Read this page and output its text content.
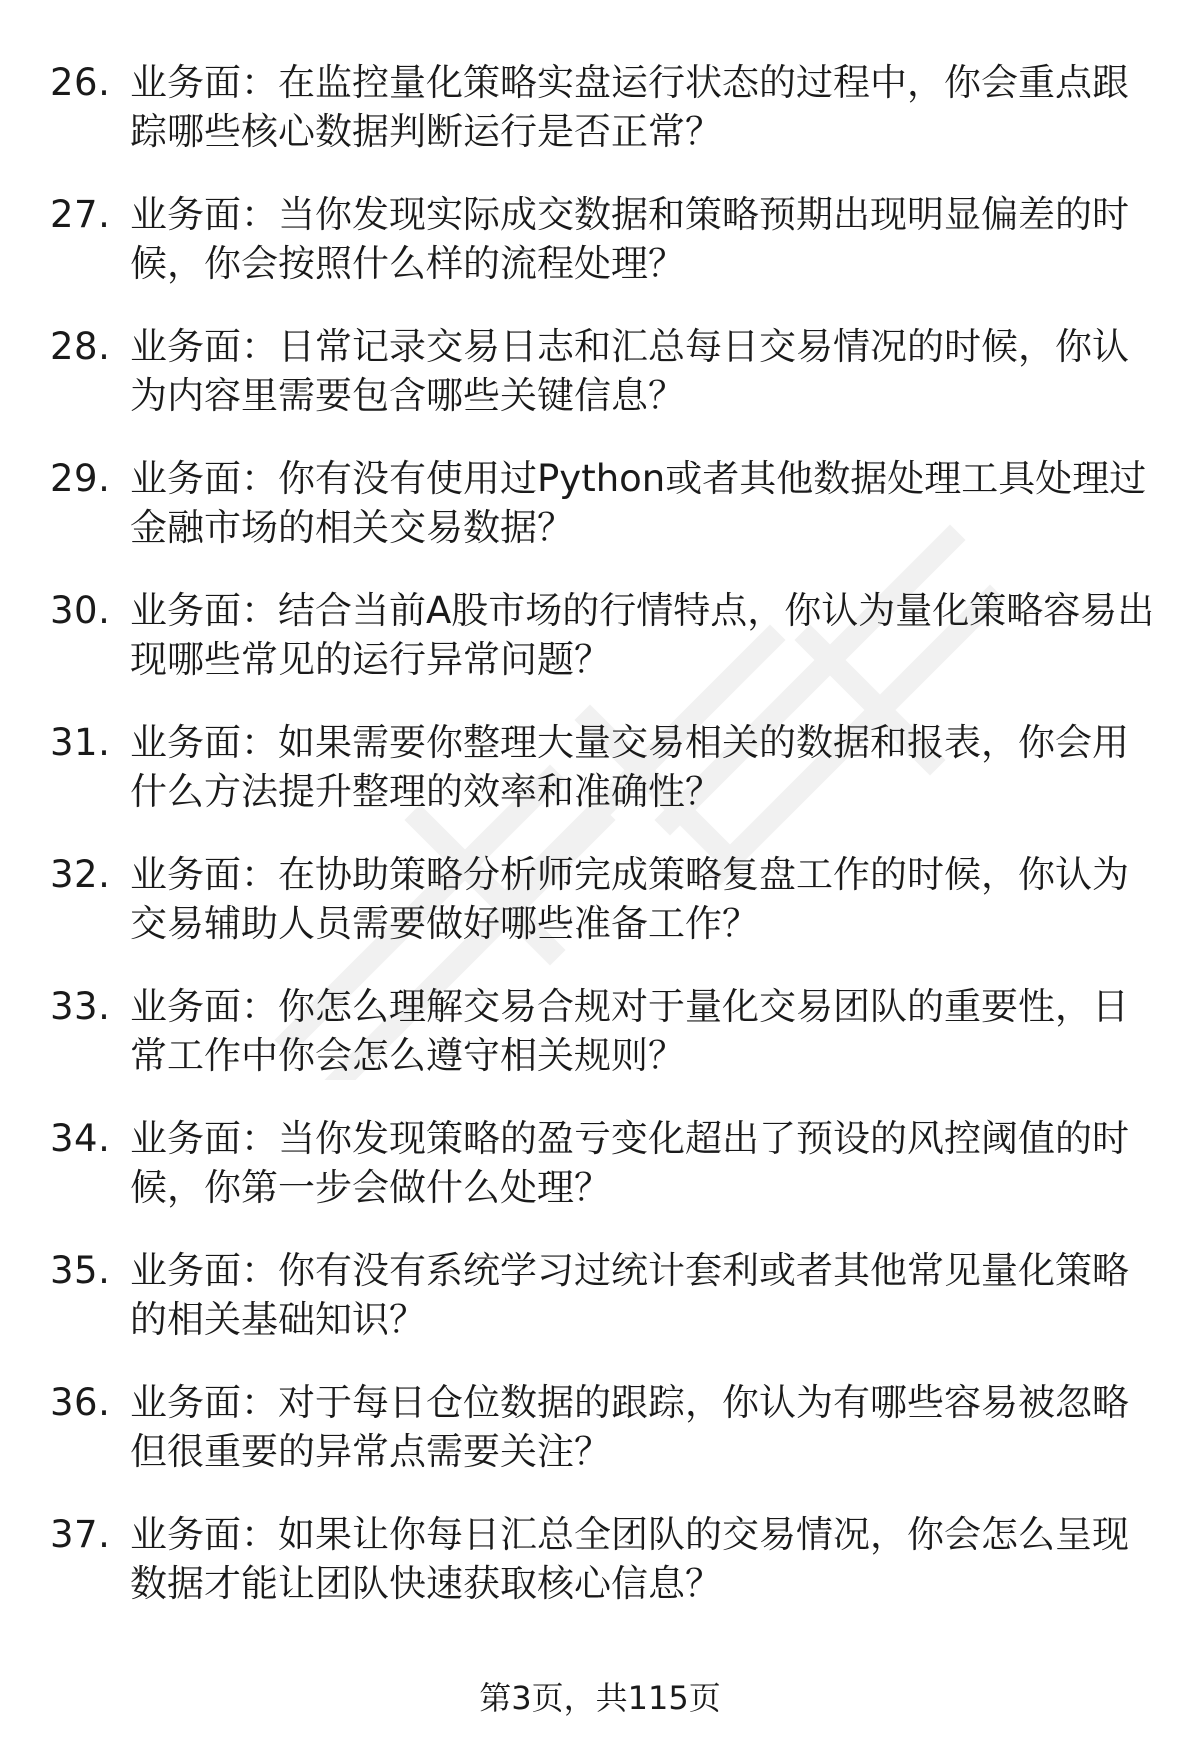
26. 业务面：在监控量化策略实盘运行状态的过程中，你会重点跟踪哪些核心数据判断运行是否正常？
27. 业务面：当你发现实际成交数据和策略预期出现明显偏差的时候，你会按照什么样的流程处理？
28. 业务面：日常记录交易日志和汇总每日交易情况的时候，你认为内容里需要包含哪些关键信息？
29. 业务面：你有没有使用过Python或者其他数据处理工具处理过金融市场的相关交易数据？
30. 业务面：结合当前A股市场的行情特点，你认为量化策略容易出现哪些常见的运行异常问题？
31. 业务面：如果需要你整理大量交易相关的数据和报表，你会用什么方法提升整理的效率和准确性？
32. 业务面：在协助策略分析师完成策略复盘工作的时候，你认为交易辅助人员需要做好哪些准备工作？
33. 业务面：你怎么理解交易合规对于量化交易团队的重要性，日常工作中你会怎么遵守相关规则？
34. 业务面：当你发现策略的盈亏变化超出了预设的风控阈值的时候，你第一步会做什么处理？
35. 业务面：你有没有系统学习过统计套利或者其他常见量化策略的相关基础知识？
36. 业务面：对于每日仓位数据的跟踪，你认为有哪些容易被忽略但很重要的异常点需要关注？
37. 业务面：如果让你每日汇总全团队的交易情况，你会怎么呈现数据才能让团队快速获取核心信息？
第3页，共115页
